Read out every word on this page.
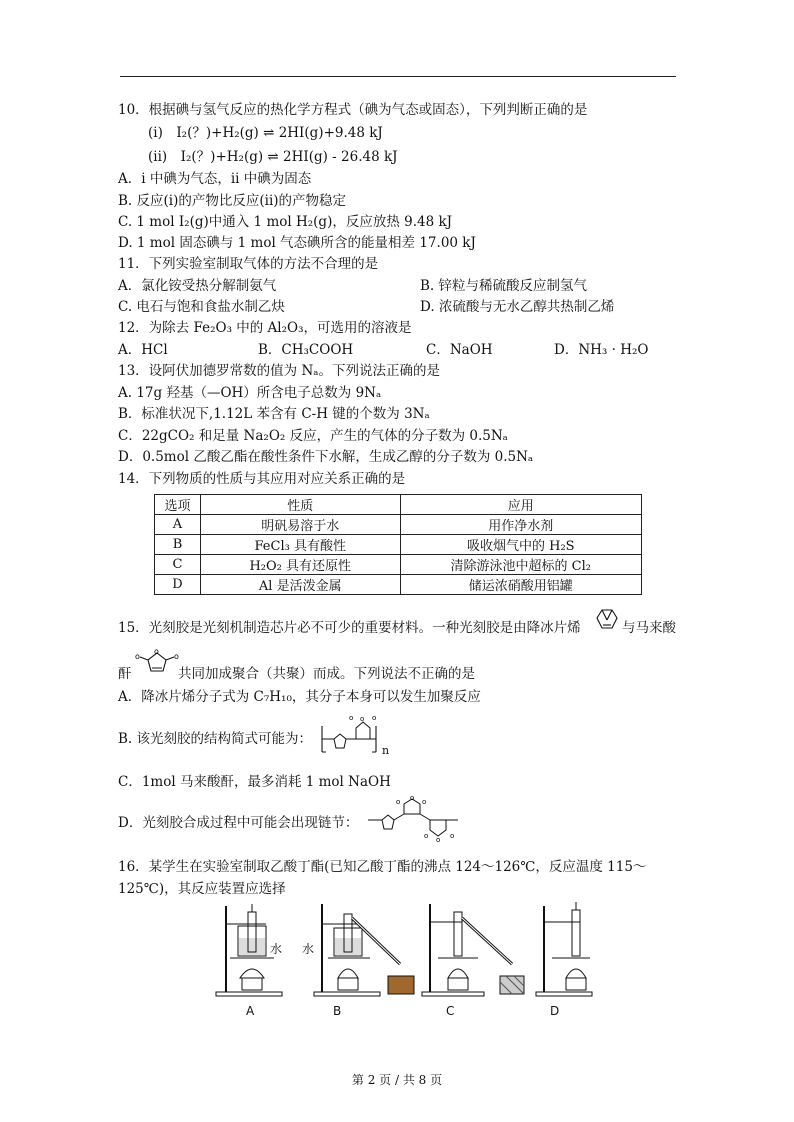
10．根据碘与氢气反应的热化学方程式（碘为气态或固态），下列判断正确的是
(i)　I₂(？)+H₂(g) ⇌ 2HI(g)+9.48 kJ
(ii)　I₂(？)+H₂(g) ⇌ 2HI(g) - 26.48 kJ
A．i 中碘为气态，ii 中碘为固态
B. 反应(i)的产物比反应(ii)的产物稳定
C. 1 mol I₂(g)中通入 1 mol H₂(g)，反应放热 9.48 kJ
D. 1 mol 固态碘与 1 mol 气态碘所含的能量相差 17.00 kJ
11．下列实验室制取气体的方法不合理的是
A．氯化铵受热分解制氨气	B. 锌粒与稀硫酸反应制氢气
C. 电石与饱和食盐水制乙炔	D. 浓硫酸与无水乙醇共热制乙烯
12．为除去 Fe₂O₃ 中的 Al₂O₃，可选用的溶液是
A．HCl	B．CH₃COOH	C．NaOH	D．NH₃ · H₂O
13．设阿伏加德罗常数的值为 Nₐ。下列说法正确的是
A. 17g 羟基（—OH）所含电子总数为 9Nₐ
B．标准状况下,1.12L 苯含有 C-H 键的个数为 3Nₐ
C．22gCO₂ 和足量 Na₂O₂ 反应，产生的气体的分子数为 0.5Nₐ
D．0.5mol 乙酸乙酯在酸性条件下水解，生成乙醇的分子数为 0.5Nₐ
14．下列物质的性质与其应用对应关系正确的是
选项	性质	应用
A	明矾易溶于水	用作净水剂
B	FeCl₃ 具有酸性	吸收烟气中的 H₂S
C	H₂O₂ 具有还原性	清除游泳池中超标的 Cl₂
D	Al 是活泼金属	储运浓硝酸用铝罐
15．光刻胶是光刻机制造芯片必不可少的重要材料。一种光刻胶是由降冰片烯	与马来酸
酐
o	o
o
共同加成聚合（共聚）而成。下列说法不正确的是
A．降冰片烯分子式为 C₇H₁₀，其分子本身可以发生加聚反应
B. 该光刻胶的结构简式可能为：
o o o
n
C．1mol 马来酸酐，最多消耗 1 mol NaOH
D．光刻胶合成过程中可能会出现链节：
o o o
o o o
16．某学生在实验室制取乙酸丁酯(已知乙酸丁酯的沸点 124～126℃，反应温度 115～
125℃)，其反应装置应选择
水 水
A	B	C	D
第 2 页 / 共 8 页
